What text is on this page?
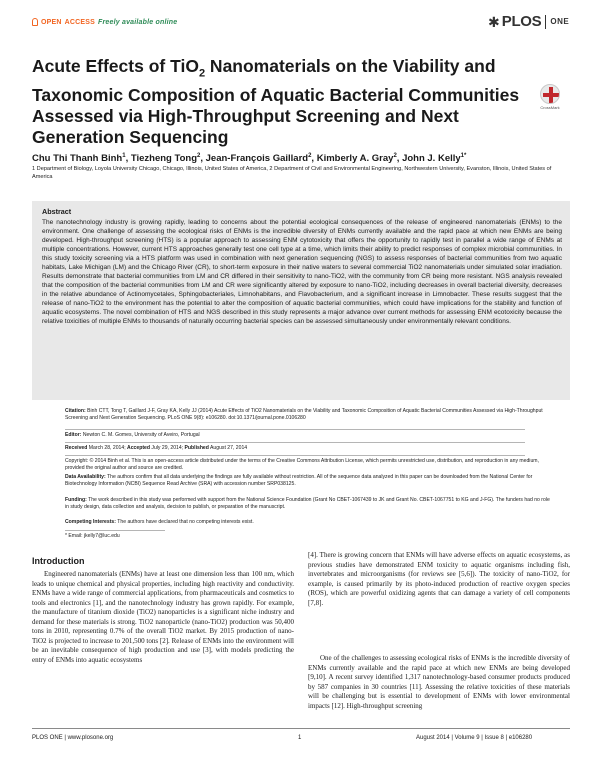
OPEN ACCESS Freely available online	✱ PLOS ONE
Acute Effects of TiO$_2$ Nanomaterials on the Viability and Taxonomic Composition of Aquatic Bacterial Communities Assessed via High-Throughput Screening and Next Generation Sequencing
CrossMark
Chu Thi Thanh Binh$^1$, Tiezheng Tong$^2$, Jean-François Gaillard$^2$, Kimberly A. Gray$^2$, John J. Kelly$^{1*}$
1 Department of Biology, Loyola University Chicago, Chicago, Illinois, United States of America, 2 Department of Civil and Environmental Engineering, Northwestern University, Evanston, Illinois, United States of America
Abstract

The nanotechnology industry is growing rapidly, leading to concerns about the potential ecological consequences of the release of engineered nanomaterials (ENMs) to the environment. One challenge of assessing the ecological risks of ENMs is the incredible diversity of ENMs currently available and the rapid pace at which new ENMs are being developed. High-throughput screening (HTS) is a popular approach to assessing ENM cytotoxicity that offers the opportunity to rapidly test in parallel a wide range of ENMs at multiple concentrations. However, current HTS approaches generally test one cell type at a time, which limits their ability to predict responses of complex microbial communities. In this study toxicity screening via a HTS platform was used in combination with next generation sequencing (NGS) to assess responses of bacterial communities from two aquatic habitats, Lake Michigan (LM) and the Chicago River (CR), to short-term exposure in their native waters to several commercial TiO2 nanomaterials under simulated solar irradiation. Results demonstrate that bacterial communities from LM and CR differed in their sensitivity to nano-TiO2, with the community from CR being more resistant. NGS analysis revealed that the composition of the bacterial communities from LM and CR were significantly altered by exposure to nano-TiO2, including decreases in overall bacterial diversity, decreases in the relative abundance of Actinomycetales, Sphingobacteriales, Limnohabitans, and Flavobacterium, and a significant increase in Limnobacter. These results suggest that the release of nano-TiO2 to the environment has the potential to alter the composition of aquatic bacterial communities, which could have implications for the stability and function of aquatic ecosystems. The novel combination of HTS and NGS described in this study represents a major advance over current methods for assessing ENM ecotoxicity because the relative toxicities of multiple ENMs to thousands of naturally occurring bacterial species can be assessed simultaneously under environmentally relevant conditions.

Citation: Binh CTT, Tong T, Gaillard J-F, Gray KA, Kelly JJ (2014) Acute Effects of TiO2 Nanomaterials on the Viability and Taxonomic Composition of Aquatic Bacterial Communities Assessed via High-Throughput Screening and Next Generation Sequencing. PLoS ONE 9(8): e106280. doi:10.1371/journal.pone.0106280
Editor: Newton C. M. Gomes, University of Aveiro, Portugal
Received March 28, 2014; Accepted July 29, 2014; Published August 27, 2014
Copyright: © 2014 Binh et al. This is an open-access article distributed under the terms of the Creative Commons Attribution License, which permits unrestricted use, distribution, and reproduction in any medium, provided the original author and source are credited.
Data Availability: The authors confirm that all data underlying the findings are fully available without restriction. All of the sequence data analyzed in this paper can be downloaded from the National Center for Biotechnology Information (NCBI) Sequence Read Archive (SRA) with accession number SRP038125.
Funding: The work described in this study was performed with support from the National Science Foundation (Grant No CBET-1067439 to JK and Grant No. CBET-1067751 to KG and J-FG). The funders had no role in study design, data collection and analysis, decision to publish, or preparation of the manuscript.
Competing Interests: The authors have declared that no competing interests exist.
* Email: jkelly7@luc.edu
Introduction

Engineered nanomaterials (ENMs) have at least one dimension less than 100 nm, which leads to unique chemical and physical properties, including high reactivity and conductivity. ENMs have a wide range of commercial applications, from pharmaceuticals and cosmetics to tools and electronics [1], and the nanotechnology industry has grown rapidly. For example, the manufacture of titanium dioxide (TiO2) nanoparticles is a significant niche industry and demand for these materials is strong. TiO2 nanoparticle (nano-TiO2) production was 50,400 tons in 2010, representing 0.7% of the overall TiO2 market. By 2015 production of nano-TiO2 is projected to increase to 201,500 tons [2]. Release of ENMs into the environment will be an inevitable consequence of high production and use [3], with models predicting the entry of ENMs into aquatic ecosystems

[4]. There is growing concern that ENMs will have adverse effects on aquatic ecosystems, as previous studies have demonstrated ENM toxicity to aquatic organisms including fish, invertebrates and microorganisms (for reviews see [5,6]). The toxicity of nano-TiO2, for example, is caused primarily by its photo-induced production of reactive oxygen species (ROS), which are powerful oxidizing agents that can damage a variety of cell components [7,8].

One of the challenges to assessing ecological risks of ENMs is the incredible diversity of ENMs currently available and the rapid pace at which new ENMs are being developed [9,10]. A recent survey identified 1,317 nanotechnology-based consumer products produced by 587 companies in 30 countries [11]. Assessing the relative toxicities of these materials will be challenging but is essential to development of ENMs with lower environmental impacts [12]. High-throughput screening

PLOS ONE | www.plosone.org	1	August 2014 | Volume 9 | Issue 8 | e106280
